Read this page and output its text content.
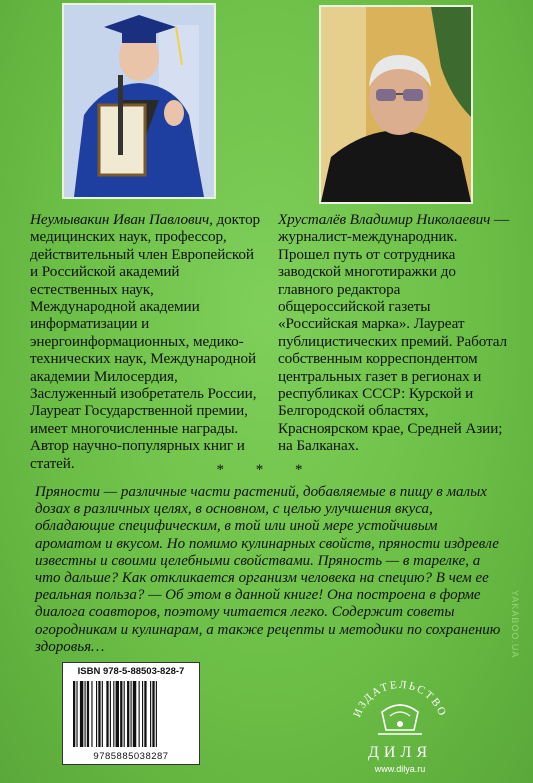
Неумывакин Иван Павлович, доктор медицинских наук, профессор, действительный член Европейской и Российской академий естественных наук, Международной академии информатизации и энергоинформационных, медико-технических наук, Международной академии Милосердия, Заслуженный изобретатель России, Лауреат Государственной премии, имеет многочисленные награды. Автор научно-популярных книг и статей.
Хрусталёв Владимир Николаевич — журналист-международник. Прошел путь от сотрудника заводской многотиражки до главного редактора общероссийской газеты «Российская марка». Лауреат публицистических премий. Работал собственным корреспондентом центральных газет в регионах и республиках СССР: Курской и Белгородской областях, Красноярском крае, Средней Азии; на Балканах.
* * *
Пряности — различные части растений, добавляемые в пищу в малых дозах в различных целях, в основном, с целью улучшения вкуса, обладающие специфическим, в той или иной мере устойчивым ароматом и вкусом. Но помимо кулинарных свойств, пряности издревле известны и своими целебными свойствами. Пряность — в тарелке, а что дальше? Как откликается организм человека на специю? В чем ее реальная польза? — Об этом в данной книге! Она построена в форме диалога соавторов, поэтому читается легко. Содержит советы огородникам и кулинарам, а также рецепты и методики по сохранению здоровья…
ISBN 978-5-88503-828-7
9785885038287
ИЗДАТЕЛЬСТВО
ДИЛЯ
www.dilya.ru
YAKABOO.UA
